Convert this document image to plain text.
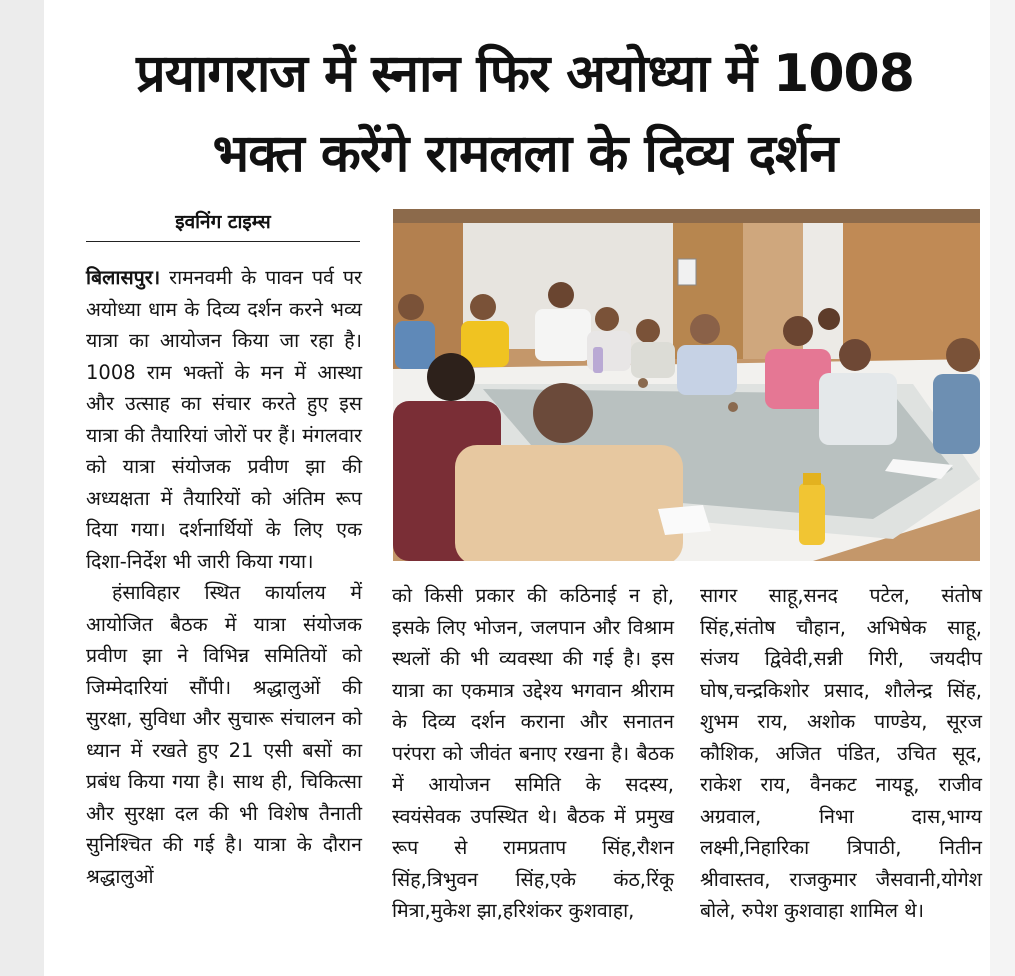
प्रयागराज में स्नान फिर अयोध्या में 1008
भक्त करेंगे रामलला के दिव्य दर्शन
इवनिंग टाइम्स

बिलासपुर। रामनवमी के पावन पर्व पर अयोध्या धाम के दिव्य दर्शन करने भव्य यात्रा का आयोजन किया जा रहा है। 1008 राम भक्तों के मन में आस्था और उत्साह का संचार करते हुए इस यात्रा की तैयारियां जोरों पर हैं। मंगलवार को यात्रा संयोजक प्रवीण झा की अध्यक्षता में तैयारियों को अंतिम रूप दिया गया। दर्शनार्थियों के लिए एक दिशा-निर्देश भी जारी किया गया।

हंसाविहार स्थित कार्यालय में आयोजित बैठक में यात्रा संयोजक प्रवीण झा ने विभिन्न समितियों को जिम्मेदारियां सौंपी। श्रद्धालुओं की सुरक्षा, सुविधा और सुचारू संचालन को ध्यान में रखते हुए 21 एसी बसों का प्रबंध किया गया है। साथ ही, चिकित्सा और सुरक्षा दल की भी विशेष तैनाती सुनिश्चित की गई है। यात्रा के दौरान श्रद्धालुओं

को किसी प्रकार की कठिनाई न हो, इसके लिए भोजन, जलपान और विश्राम स्थलों की भी व्यवस्था की गई है। इस यात्रा का एकमात्र उद्देश्य भगवान श्रीराम के दिव्य दर्शन कराना और सनातन परंपरा को जीवंत बनाए रखना है। बैठक में आयोजन समिति के सदस्य, स्वयंसेवक उपस्थित थे। बैठक में प्रमुख रूप से रामप्रताप सिंह,रौशन सिंह,त्रिभुवन सिंह,एके कंठ,रिंकू मित्रा,मुकेश झा,हरिशंकर कुशवाहा,

सागर साहू,सनद पटेल, संतोष सिंह,संतोष चौहान, अभिषेक साहू, संजय द्विवेदी,सन्नी गिरी, जयदीप घोष,चन्द्रकिशोर प्रसाद, शौलेन्द्र सिंह, शुभम राय, अशोक पाण्डेय, सूरज कौशिक, अजित पंडित, उचित सूद, राकेश राय, वैनकट नायडू, राजीव अग्रवाल, निभा दास,भाग्य लक्ष्मी,निहारिका त्रिपाठी, नितीन श्रीवास्तव, राजकुमार जैसवानी,योगेश बोले, रुपेश कुशवाहा शामिल थे।
